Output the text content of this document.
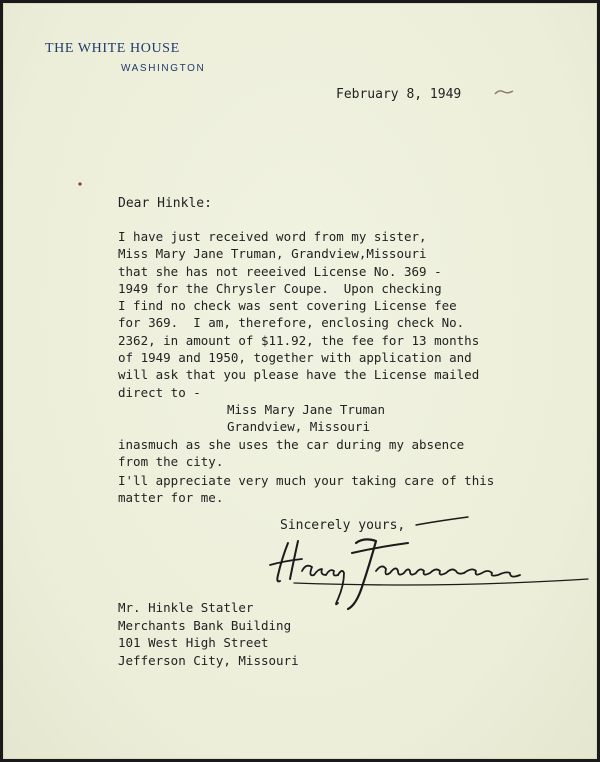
THE WHITE HOUSE
WASHINGTON
February 8, 1949
Dear Hinkle:
I have just received word from my sister,
Miss Mary Jane Truman, Grandview,Missouri
that she has not reeeived License No. 369 -
1949 for the Chrysler Coupe.  Upon checking
I find no check was sent covering License fee
for 369.  I am, therefore, enclosing check No.
2362, in amount of $11.92, the fee for 13 months
of 1949 and 1950, together with application and
will ask that you please have the License mailed
direct to -
Miss Mary Jane Truman
Grandview, Missouri
inasmuch as she uses the car during my absence
from the city.
I'll appreciate very much your taking care of this
matter for me.
Sincerely yours,
Mr. Hinkle Statler
Merchants Bank Building
101 West High Street
Jefferson City, Missouri
